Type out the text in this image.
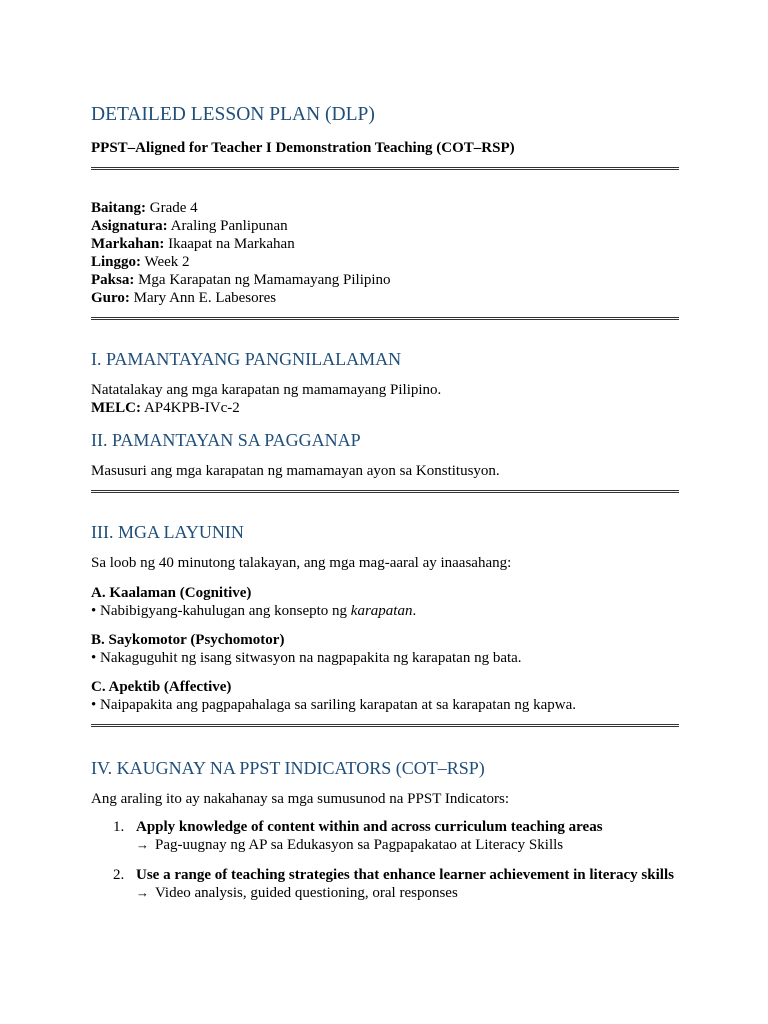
DETAILED LESSON PLAN (DLP)
PPST–Aligned for Teacher I Demonstration Teaching (COT–RSP)
Baitang: Grade 4
Asignatura: Araling Panlipunan
Markahan: Ikaapat na Markahan
Linggo: Week 2
Paksa: Mga Karapatan ng Mamamayang Pilipino
Guro: Mary Ann E. Labesores
I. PAMANTAYANG PANGNILALAMAN
Natatalakay ang mga karapatan ng mamamayang Pilipino.
MELC: AP4KPB-IVc-2
II. PAMANTAYAN SA PAGGANAP
Masusuri ang mga karapatan ng mamamayan ayon sa Konstitusyon.
III. MGA LAYUNIN
Sa loob ng 40 minutong talakayan, ang mga mag-aaral ay inaasahang:
A. Kaalaman (Cognitive)
• Nabibigyang-kahulugan ang konsepto ng karapatan.
B. Saykomotor (Psychomotor)
• Nakaguguhit ng isang sitwasyon na nagpapakita ng karapatan ng bata.
C. Apektib (Affective)
• Naipapakita ang pagpapahalaga sa sariling karapatan at sa karapatan ng kapwa.
IV. KAUGNAY NA PPST INDICATORS (COT–RSP)
Ang araling ito ay nakahanay sa mga sumusunod na PPST Indicators:
1. Apply knowledge of content within and across curriculum teaching areas
→ Pag-uugnay ng AP sa Edukasyon sa Pagpapakatao at Literacy Skills
2. Use a range of teaching strategies that enhance learner achievement in literacy skills
→ Video analysis, guided questioning, oral responses
